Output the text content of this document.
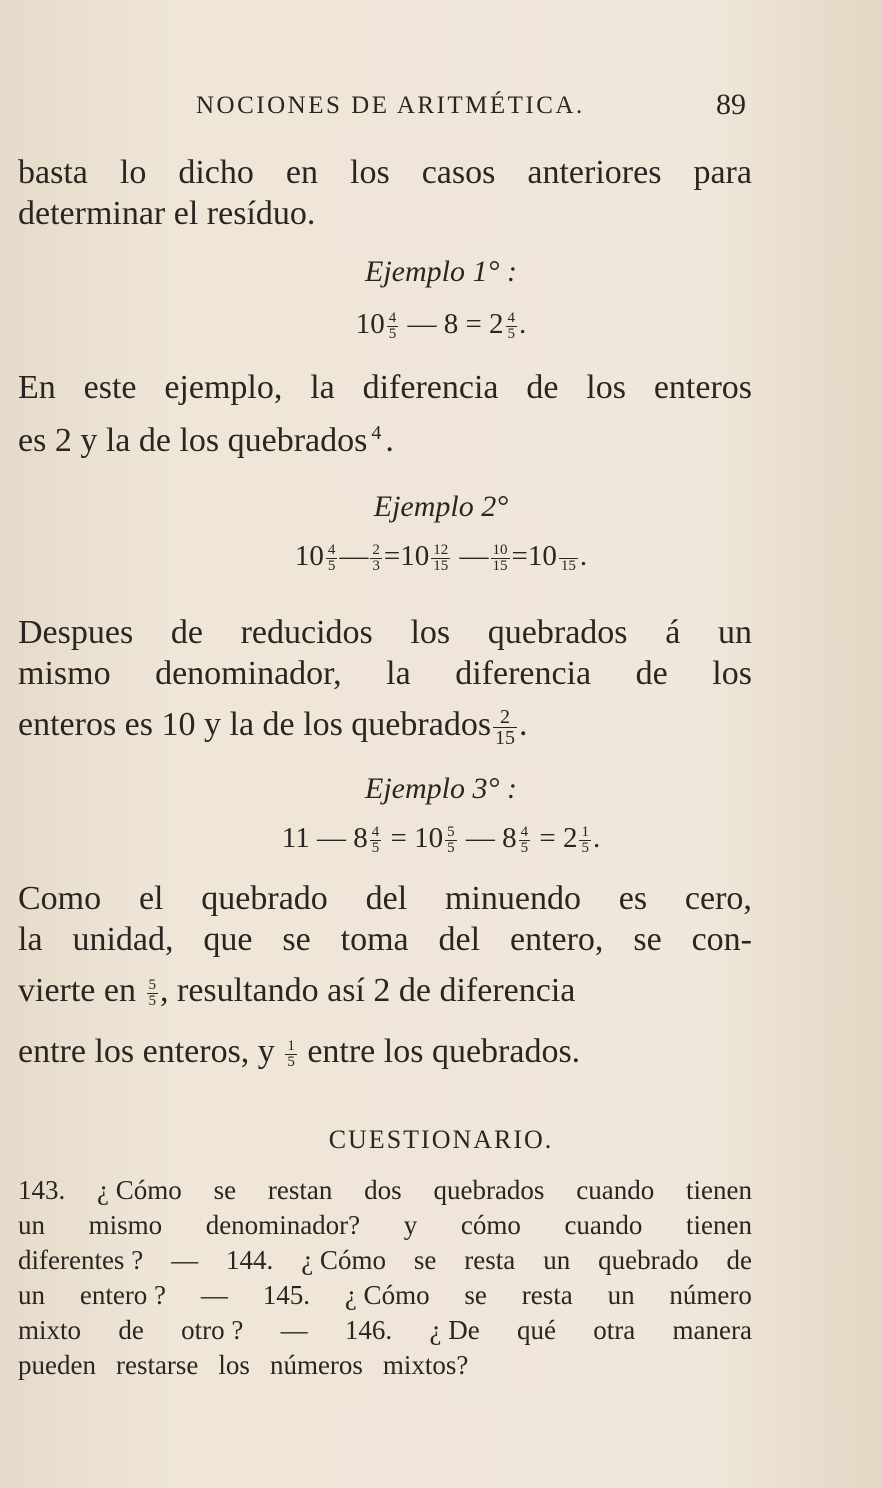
NOCIONES DE ARITMÉTICA.	89
basta lo dicho en los casos anteriores para
determinar el resíduo.
Ejemplo 1° :
$10 \frac{4}{5}$ — $8 = 2 \frac{4}{5}$ .
En este ejemplo, la diferencia de los enteros
es 2 y la de los quebrados 4
.
Ejemplo 2°
$10 \frac{4}{5}$ — $\frac{2}{3} =10 \frac{12}{15}$ — $\frac{10}{15} =10$
15 .
Despues de reducidos los quebrados á un
mismo denominador, la diferencia de los
enteros es 10 y la de los quebrados $\frac{2}{15}$ .
Ejemplo 3° :
11 — $8 \frac{4}{5} = 10 \frac{5}{5}$ — $8 \frac{4}{5} = 2 \frac{1}{5}$ .
Como el quebrado del minuendo es cero,
la unidad, que se toma del entero, se con-
vierte en $\frac{5}{5}$ , resultando así 2 de diferencia
entre los enteros, y $\frac{1}{5}$ entre los quebrados.
CUESTIONARIO.
143. ¿ Cómo se restan dos quebrados cuando tienen
un mismo denominador? y cómo cuando tienen
diferentes ? — 144. ¿ Cómo se resta un quebrado de
un entero ? — 145. ¿ Cómo se resta un número
mixto de otro ? — 146. ¿ De qué otra manera
pueden restarse los números mixtos?
